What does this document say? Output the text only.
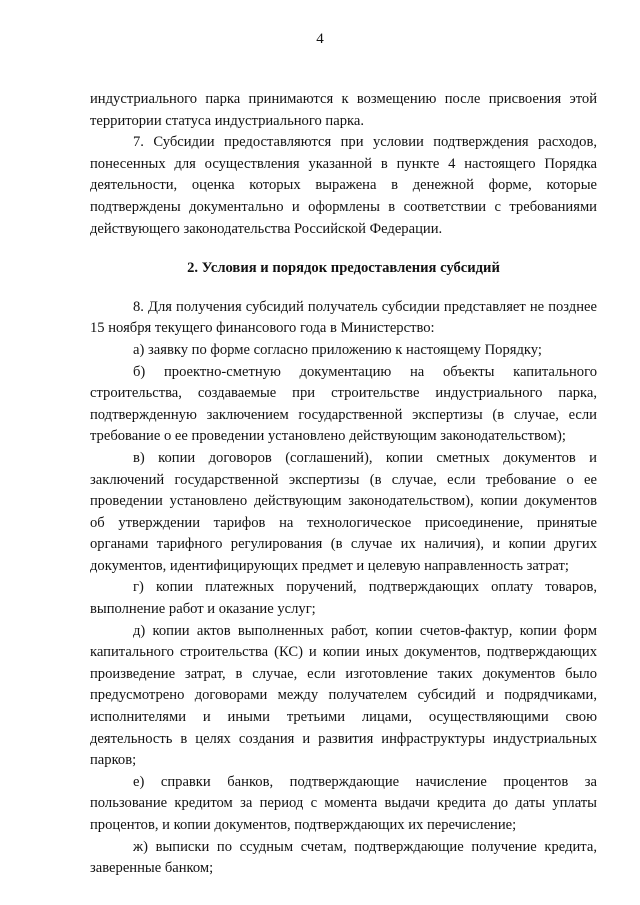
4

индустриального парка принимаются к возмещению после присвоения этой территории статуса индустриального парка.

7. Субсидии предоставляются при условии подтверждения расходов, понесенных для осуществления указанной в пункте 4 настоящего Порядка деятельности, оценка которых выражена в денежной форме, которые подтверждены документально и оформлены в соответствии с требованиями действующего законодательства Российской Федерации.

2. Условия и порядок предоставления субсидий

8. Для получения субсидий получатель субсидии представляет не позднее 15 ноября текущего финансового года в Министерство:

а) заявку по форме согласно приложению к настоящему Порядку;

б) проектно-сметную документацию на объекты капитального строительства, создаваемые при строительстве индустриального парка, подтвержденную заключением государственной экспертизы (в случае, если требование о ее проведении установлено действующим законодательством);

в) копии договоров (соглашений), копии сметных документов и заключений государственной экспертизы (в случае, если требование о ее проведении установлено действующим законодательством), копии документов об утверждении тарифов на технологическое присоединение, принятые органами тарифного регулирования (в случае их наличия), и копии других документов, идентифицирующих предмет и целевую направленность затрат;

г) копии платежных поручений, подтверждающих оплату товаров, выполнение работ и оказание услуг;

д) копии актов выполненных работ, копии счетов-фактур, копии форм капитального строительства (КС) и копии иных документов, подтверждающих произведение затрат, в случае, если изготовление таких документов было предусмотрено договорами между получателем субсидий и подрядчиками, исполнителями и иными третьими лицами, осуществляющими свою деятельность в целях создания и развития инфраструктуры индустриальных парков;

е) справки банков, подтверждающие начисление процентов за пользование кредитом за период с момента выдачи кредита до даты уплаты процентов, и копии документов, подтверждающих их перечисление;

ж) выписки по ссудным счетам, подтверждающие получение кредита, заверенные банком;
